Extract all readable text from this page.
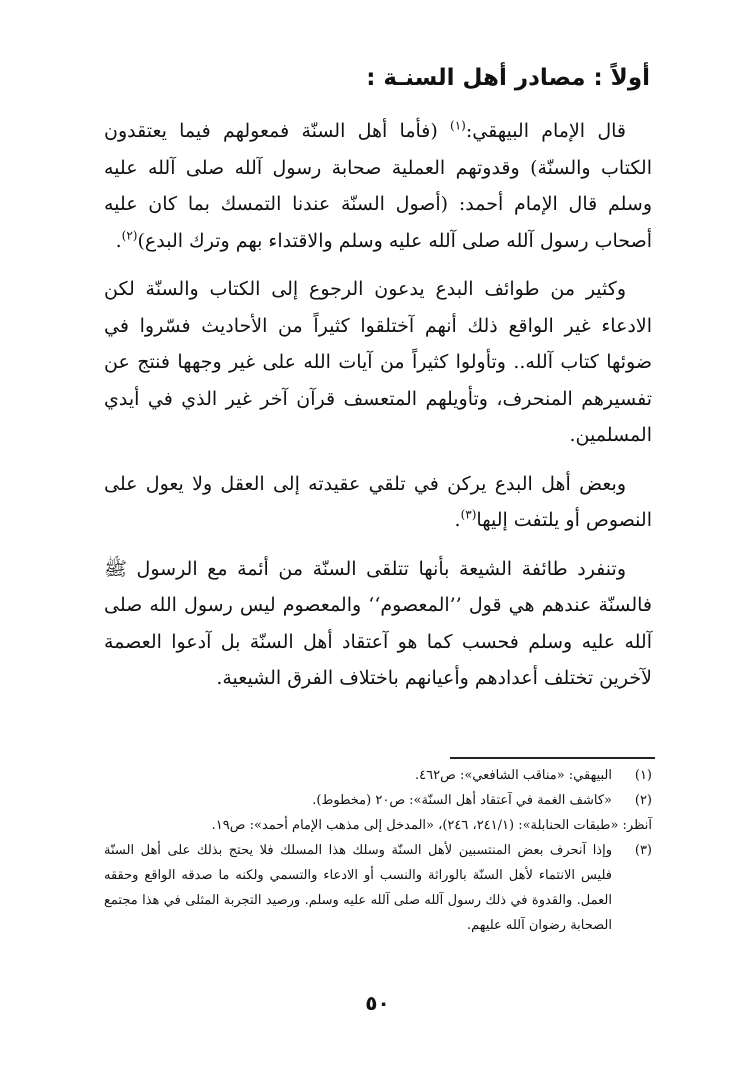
أولاً : مصادر أهل السنـة :

قال الإمام البيهقي:$^{(١)}$ (فأما أهل السنّة فمعولهم فيما يعتقدون الكتاب والسنّة) وقدوتهم العملية صحابة رسول آلله صلى آلله عليه وسلم قال الإمام أحمد: (أصول السنّة عندنا التمسك بما كان عليه أصحاب رسول آلله صلى آلله عليه وسلم والاقتداء بهم وترك البدع)$^{(٢)}$.

وكثير من طوائف البدع يدعون الرجوع إلى الكتاب والسنّة لكن الادعاء غير الواقع ذلك أنهم آختلقوا كثيراً من الأحاديث فسّروا في ضوئها كتاب آلله.. وتأولوا كثيراً من آيات الله على غير وجهها فنتج عن تفسيرهم المنحرف، وتأويلهم المتعسف قرآن آخر غير الذي في أيدي المسلمين.

وبعض أهل البدع يركن في تلقي عقيدته إلى العقل ولا يعول على النصوص أو يلتفت إليها$^{(٣)}$.

وتنفرد طائفة الشيعة بأنها تتلقى السنّة من أئمة مع الرسول ﷺ فالسنّة عندهم هي قول ’’المعصوم‘‘ والمعصوم ليس رسول الله صلى آلله عليه وسلم فحسب كما هو آعتقاد أهل السنّة بل آدعوا العصمة لآخرين تختلف أعدادهم وأعيانهم باختلاف الفرق الشيعية.

(١)
البيهقي: «مناقب الشافعي»: ص٤٦٢.
(٢)
«كاشف الغمة في آعتقاد أهل السنّة»: ص٢٠ (مخطوط).
آنظر: «طبقات الحنابلة»: (٢٤١/١، ٢٤٦)، «المدخل إلى مذهب الإمام أحمد»: ص١٩.
(٣)
وإذا آنحرف بعض المنتسبين لأهل السنّة وسلك هذا المسلك فلا يحتج بذلك على أهل السنّة فليس الانتماء لأهل السنّة بالوراثة والنسب أو الادعاء والتسمي ولكنه ما صدقه الواقع وحققه العمل. والقدوة في ذلك رسول آلله صلى آلله عليه وسلم. ورصيد التجربة المثلى في هذا مجتمع الصحابة رضوان آلله عليهم.
٥٠
